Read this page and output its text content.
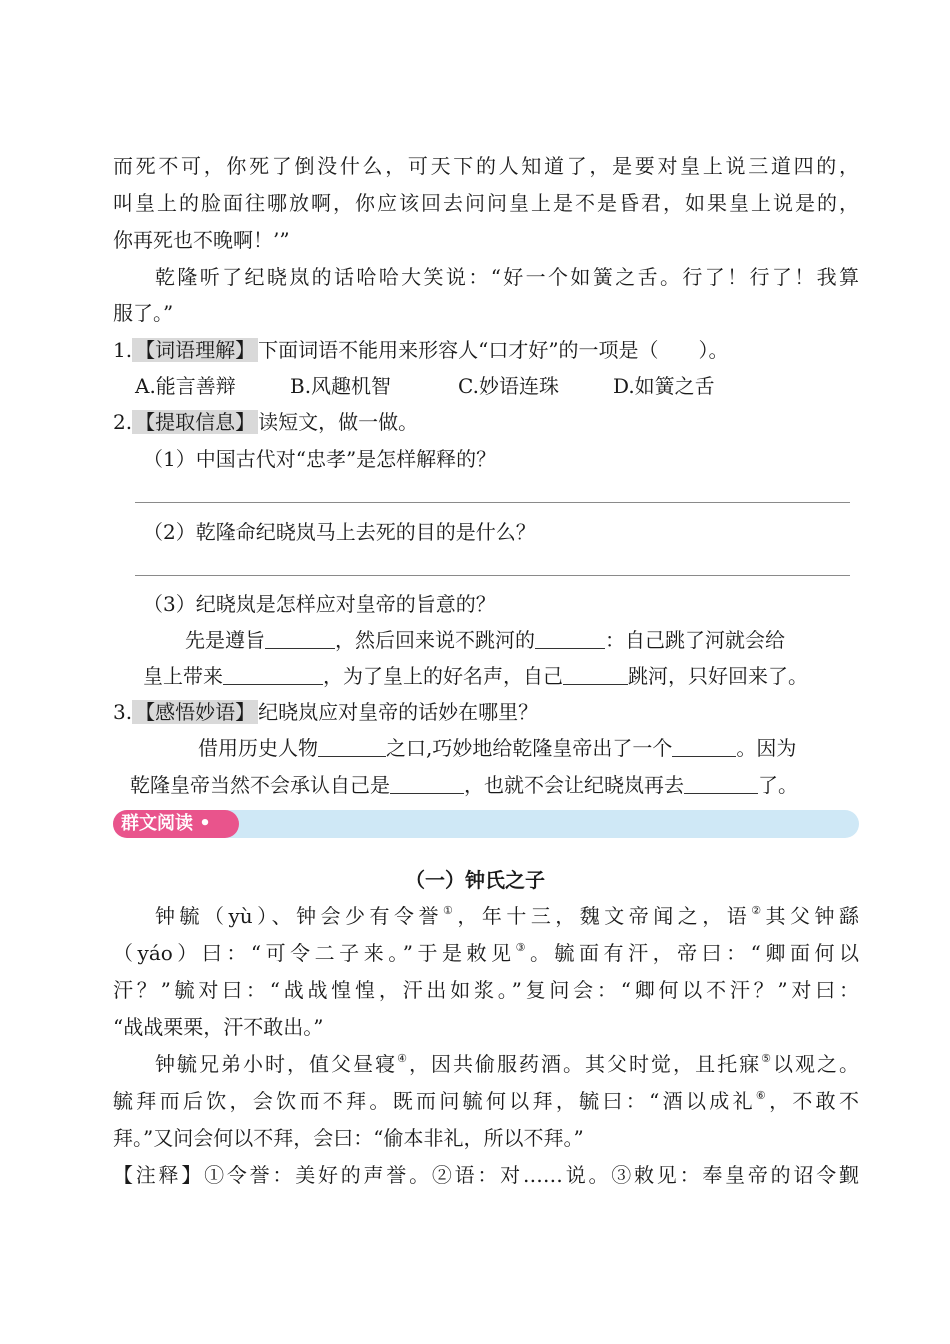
而死不可，你死了倒没什么，可天下的人知道了，是要对皇上说三道四的，
叫皇上的脸面往哪放啊，你应该回去问问皇上是不是昏君，如果皇上说是的，
你再死也不晚啊！’”
乾隆听了纪晓岚的话哈哈大笑说：“好一个如簧之舌。行了！行了！我算
服了。”
1. 【词语理解】 下面词语不能用来形容人“口才好”的一项是（　　）。
A.能言善辩	B.风趣机智	C.妙语连珠	D.如簧之舌
2. 【提取信息】 读短文，做一做。
（1）中国古代对“忠孝”是怎样解释的？
（2）乾隆命纪晓岚马上去死的目的是什么？
（3）纪晓岚是怎样应对皇帝的旨意的？
先是遵旨	，然后回来说不跳河的	：自己跳了河就会给
皇上带来	，为了皇上的好名声，自己	跳河，只好回来了。
3. 【感悟妙语】 纪晓岚应对皇帝的话妙在哪里？
借用历史人物	之口,巧妙地给乾隆皇帝出了一个	。因为
乾隆皇帝当然不会承认自己是	，也就不会让纪晓岚再去	了。
群文阅读 •
（一）钟氏之子
钟毓（yù）、钟会少有令誉①，年十三，魏文帝闻之，语②其父钟繇
（yáo）曰：“可令二子来。”于是敕见③。毓面有汗，帝曰：“卿面何以
汗？”毓对曰：“战战惶惶，汗出如浆。”复问会：“卿何以不汗？”对曰：
“战战栗栗，汗不敢出。”
钟毓兄弟小时，值父昼寝④，因共偷服药酒。其父时觉，且托寐⑤以观之。
毓拜而后饮，会饮而不拜。既而问毓何以拜，毓曰：“酒以成礼⑥，不敢不
拜。”又问会何以不拜，会曰：“偷本非礼，所以不拜。”
【注释】①令誉：美好的声誉。②语：对……说。③敕见：奉皇帝的诏令觐
